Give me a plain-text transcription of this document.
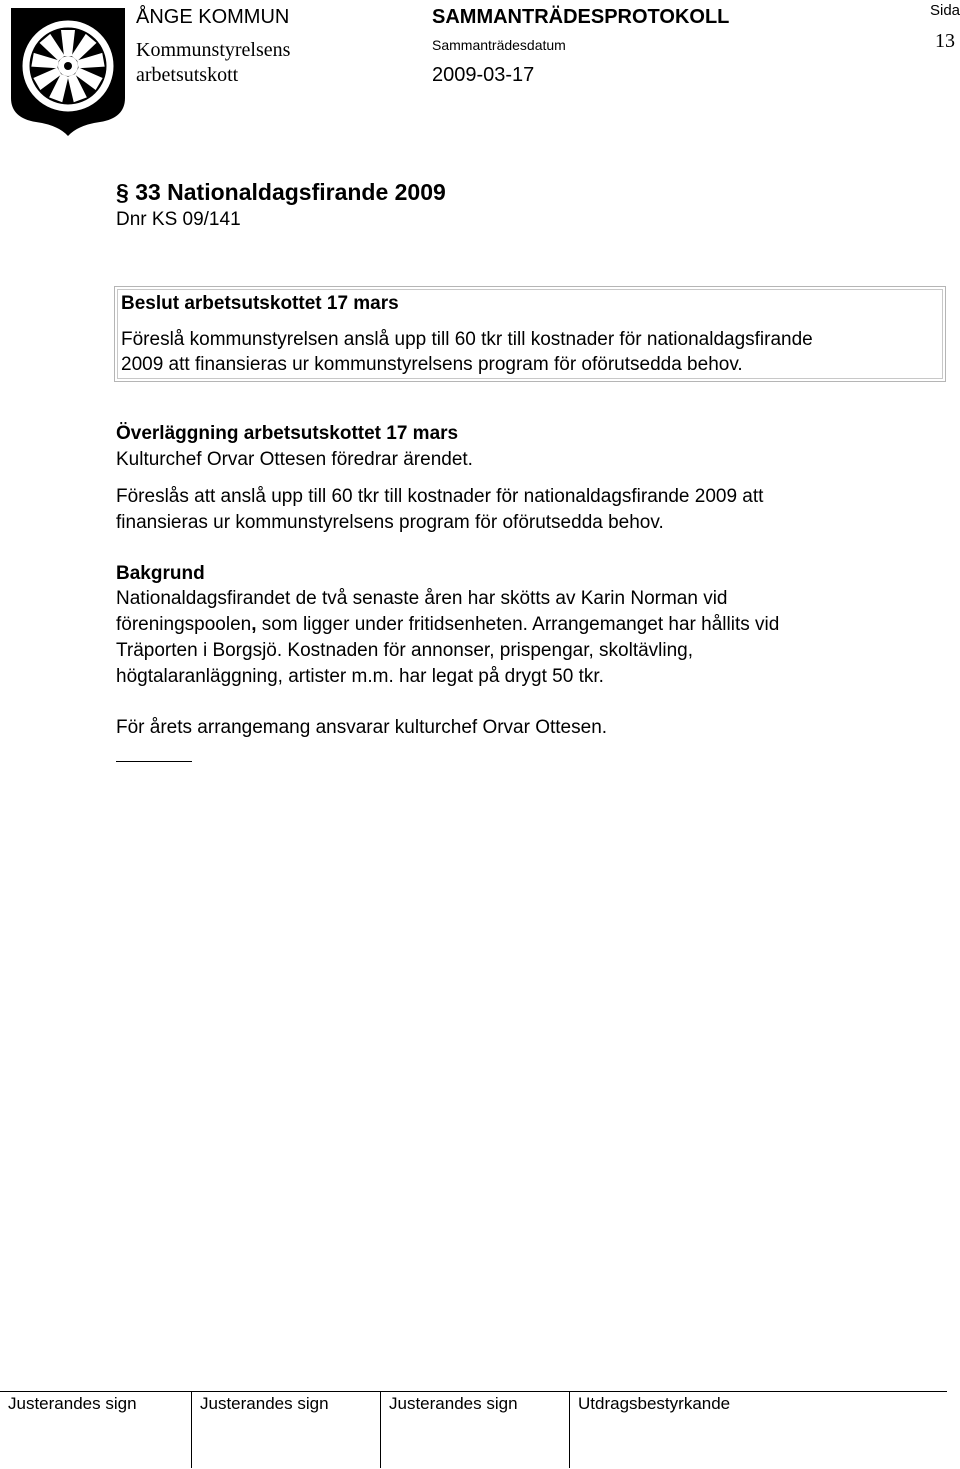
ÅNGE KOMMUN
Kommunstyrelsens
arbetsutskott
SAMMANTRÄDESPROTOKOLL
Sammanträdesdatum
2009-03-17
Sida
13
§ 33 Nationaldagsfirande 2009
Dnr KS 09/141
Beslut arbetsutskottet 17 mars
Föreslå kommunstyrelsen anslå upp till 60 tkr till kostnader för nationaldagsfirande
2009 att finansieras ur kommunstyrelsens program för oförutsedda behov.
Överläggning arbetsutskottet 17 mars
Kulturchef Orvar Ottesen föredrar ärendet.
Föreslås att anslå upp till 60 tkr till kostnader för nationaldagsfirande 2009 att
finansieras ur kommunstyrelsens program för oförutsedda behov.
Bakgrund
Nationaldagsfirandet de två senaste åren har skötts av Karin Norman vid
föreningspoolen, som ligger under fritidsenheten. Arrangemanget har hållits vid
Träporten i Borgsjö. Kostnaden för annonser, prispengar, skoltävling,
högtalaranläggning, artister m.m. har legat på drygt 50 tkr.
För årets arrangemang ansvarar kulturchef Orvar Ottesen.
Justerandes sign	Justerandes sign	Justerandes sign	Utdragsbestyrkande
